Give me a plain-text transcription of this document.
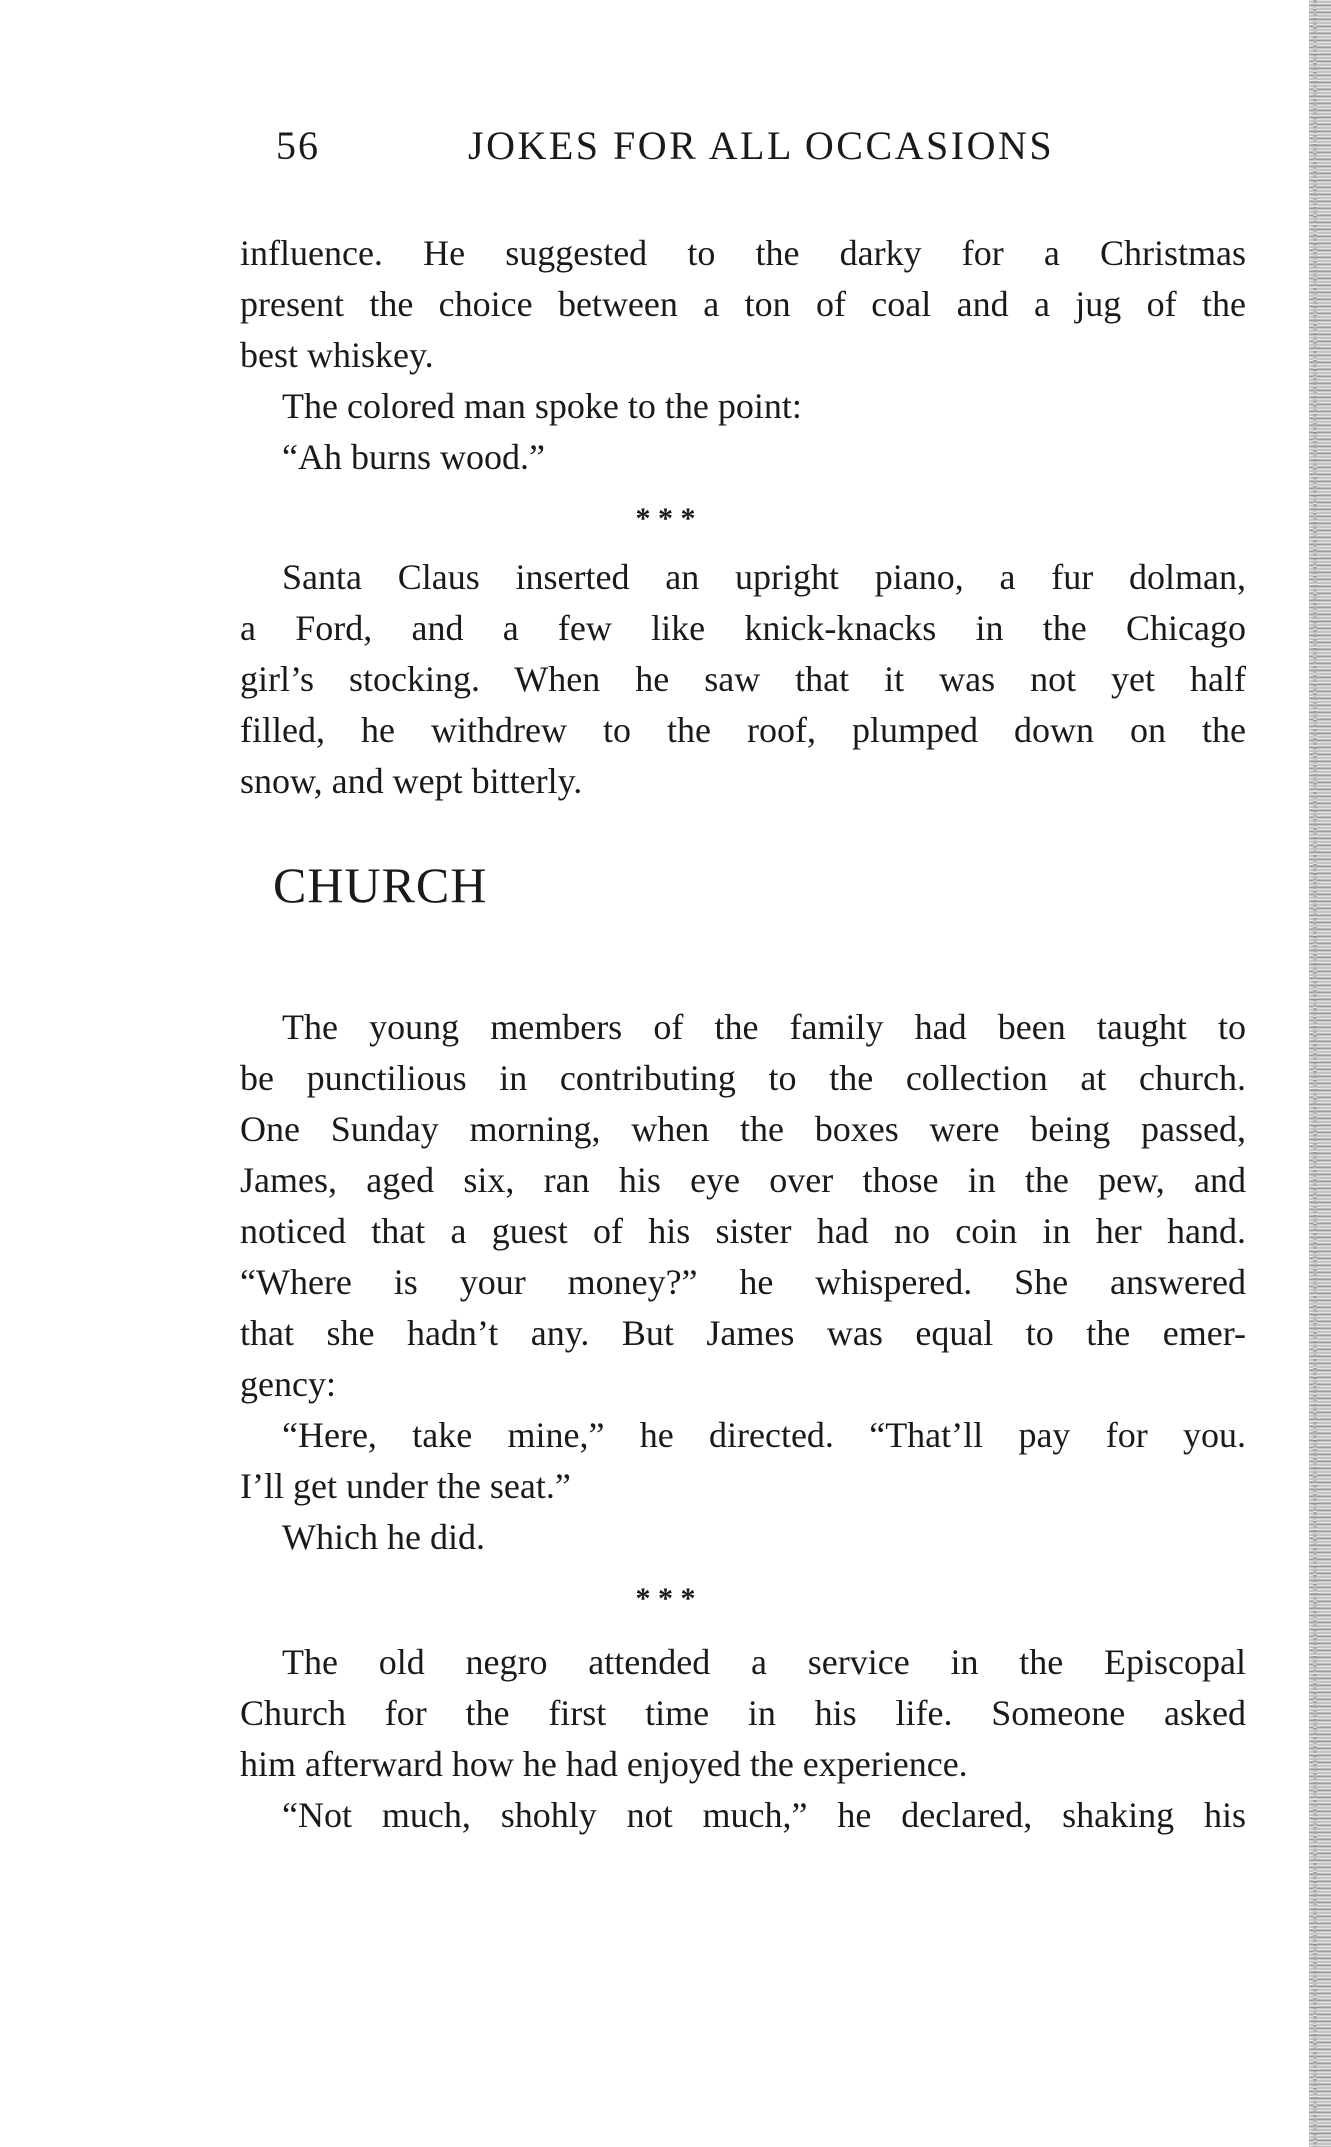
56	JOKES FOR ALL OCCASIONS
influence. He suggested to the darky for a Christmas
present the choice between a ton of coal and a jug of the
best whiskey.
The colored man spoke to the point:
“Ah burns wood.”
* * *
Santa Claus inserted an upright piano, a fur dolman,
a Ford, and a few like knick-knacks in the Chicago
girl’s stocking. When he saw that it was not yet half
filled, he withdrew to the roof, plumped down on the
snow, and wept bitterly.
CHURCH
The young members of the family had been taught to
be punctilious in contributing to the collection at church.
One Sunday morning, when the boxes were being passed,
James, aged six, ran his eye over those in the pew, and
noticed that a guest of his sister had no coin in her hand.
“Where is your money?” he whispered. She answered
that she hadn’t any. But James was equal to the emer-
gency:
“Here, take mine,” he directed. “That’ll pay for you.
I’ll get under the seat.”
Which he did.
* * *
The old negro attended a service in the Episcopal
Church for the first time in his life. Someone asked
him afterward how he had enjoyed the experience.
“Not much, shohly not much,” he declared, shaking his
